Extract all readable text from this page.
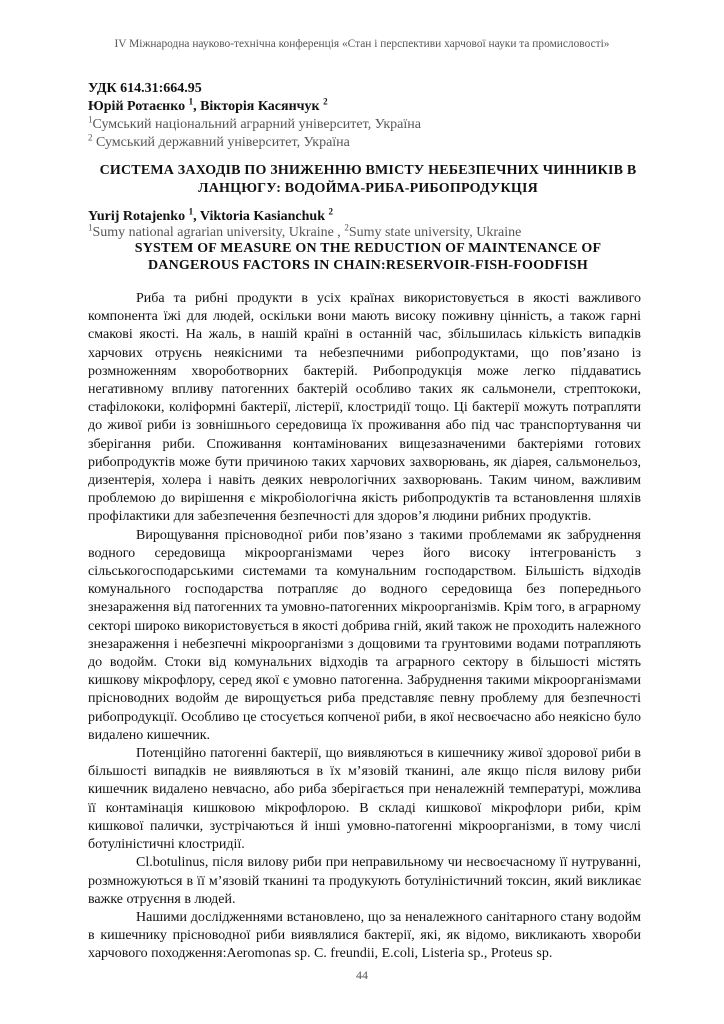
IV Міжнародна науково-технічна конференція «Стан і перспективи харчової науки та промисловості»
УДК 614.31:664.95
Юрій Ротаєнко $^1$, Вікторія Касянчук $^2$
$^1$Сумський національний аграрний університет, Україна
$^2$ Сумський державний університет, Україна
СИСТЕМА ЗАХОДІВ ПО ЗНИЖЕННЮ ВМІСТУ НЕБЕЗПЕЧНИХ ЧИННИКІВ В
ЛАНЦЮГУ: ВОДОЙМА-РИБА-РИБОПРОДУКЦІЯ
Yurij Rotajenko $^1$, Viktoria Kasianchuk $^2$
$^1$Sumy national agrarian university, Ukraine , $^2$Sumy state university, Ukraine
SYSTEM OF MEASURE ON THE REDUCTION OF MAINTENANCE OF
DANGEROUS FACTORS IN CHAIN:RESERVOIR-FISH-FOODFISH

Риба та рибні продукти в усіх країнах використовується в якості важливого компонента їжі для людей, оскільки вони мають високу поживну цінність, а також гарні смакові якості. На жаль, в нашій країні в останній час, збільшилась кількість випадків харчових отруєнь неякісними та небезпечними рибопродуктами, що пов’язано із розмноженням хвороботворних бактерій. Рибопродукція може легко піддаватись негативному впливу патогенних бактерій особливо таких як сальмонели, стрептококи, стафілококи, коліформні бактерії, лістерії, клостридії тощо. Ці бактерії можуть потрапляти до живої риби із зовнішнього середовища їх проживання або під час транспортування чи зберігання риби. Споживання контамінованих вищезазначеними бактеріями готових рибопродуктів може бути причиною таких харчових захворювань, як діарея, сальмонельоз, дизентерія, холера і навіть деяких неврологічних захворювань. Таким чином, важливим проблемою до вирішення є мікробіологічна якість рибопродуктів та встановлення шляхів профілактики для забезпечення безпечності для здоров’я людини рибних продуктів.

Вирощування прісноводної риби пов’язано з такими проблемами як забруднення водного середовища мікроорганізмами через його високу інтегрованість з сільськогосподарськими системами та комунальним господарством. Більшість відходів комунального господарства потрапляє до водного середовища без попереднього знезараження від патогенних та умовно-патогенних мікроорганізмів. Крім того, в аграрному секторі широко використовується в якості добрива гній, який також не проходить належного знезараження і небезпечні мікроорганізми з дощовими та грунтовими водами потрапляють до водойм. Стоки від комунальних відходів та аграрного сектору в більшості містять кишкову мікрофлору, серед якої є умовно патогенна. Забруднення такими мікроорганізмами прісноводних водойм де вирощується риба представляє певну проблему для безпечності рибопродукції. Особливо це стосується копченої риби, в якої несвоєчасно або неякісно було видалено кишечник.

Потенційно патогенні бактерії, що виявляються в кишечнику живої здорової риби в більшості випадків не виявляються в їх м’язовій тканині, але якщо після вилову риби кишечник видалено невчасно, або риба зберігається при неналежній температурі, можлива її контамінація кишковою мікрофлорою. В складі кишкової мікрофлори риби, крім кишкової палички, зустрічаються й інші умовно-патогенні мікроорганізми, в тому числі ботуліністичні клостридії.

Cl.botulinus, після вилову риби при неправильному чи несвоєчасному її нутруванні, розмножуються в її м’язовій тканині та продукують ботуліністичний токсин, який викликає важке отруєння в людей.

Нашими дослідженнями встановлено, що за неналежного санітарного стану водойм в кишечнику прісноводної риби виявлялися бактерії, які, як відомо, викликають хвороби харчового походження:Aeromonas sp. C. freundii, E.coli, Listeria sp., Proteus sp.

44
